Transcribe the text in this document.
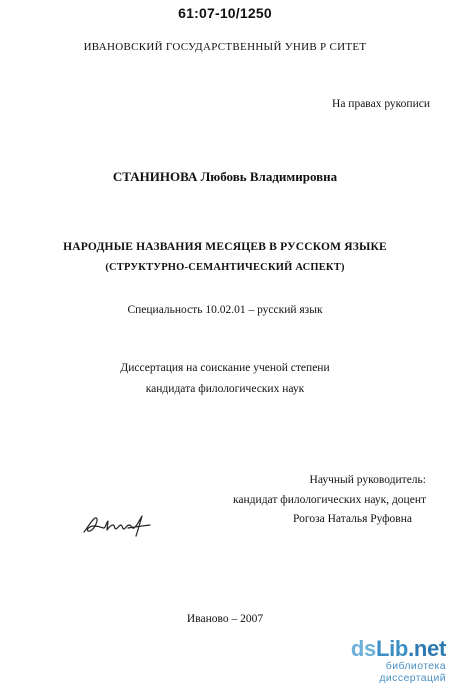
61:07-10/1250
ИВАНОВСКИЙ ГОСУДАРСТВЕННЫЙ УНИВ Р СИТЕТ
На правах рукописи
СТАНИНОВА Любовь Владимировна
НАРОДНЫЕ НАЗВАНИЯ МЕСЯЦЕВ В РУССКОМ ЯЗЫКЕ
(СТРУКТУРНО-СЕМАНТИЧЕСКИЙ АСПЕКТ)
Специальность 10.02.01 – русский язык
Диссертация на соискание ученой степени
кандидата филологических наук
Научный руководитель:
кандидат филологических наук, доцент
Рогоза Наталья Руфовна
Иваново – 2007
dsLib.net
библиотека диссертаций
